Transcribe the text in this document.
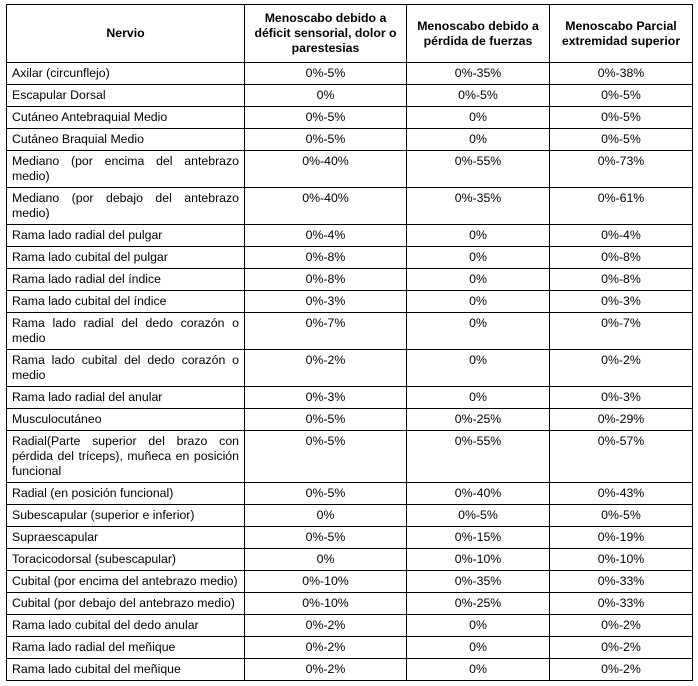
Nervio	Menoscabo debido a déficit sensorial, dolor o parestesias	Menoscabo debido a pérdida de fuerzas	Menoscabo Parcial extremidad superior
Axilar (circunflejo)	0%-5%	0%-35%	0%-38%
Escapular Dorsal	0%	0%-5%	0%-5%
Cutáneo Antebraquial Medio	0%-5%	0%	0%-5%
Cutáneo Braquial Medio	0%-5%	0%	0%-5%
Mediano (por encima del antebrazo medio)	0%-40%	0%-55%	0%-73%
Mediano (por debajo del antebrazo medio)	0%-40%	0%-35%	0%-61%
Rama lado radial del pulgar	0%-4%	0%	0%-4%
Rama lado cubital del pulgar	0%-8%	0%	0%-8%
Rama lado radial del índice	0%-8%	0%	0%-8%
Rama lado cubital del índice	0%-3%	0%	0%-3%
Rama lado radial del dedo corazón o medio	0%-7%	0%	0%-7%
Rama lado cubital del dedo corazón o medio	0%-2%	0%	0%-2%
Rama lado radial del anular	0%-3%	0%	0%-3%
Musculocutáneo	0%-5%	0%-25%	0%-29%
Radial(Parte superior del brazo con pérdida del tríceps), muñeca en posición funcional	0%-5%	0%-55%	0%-57%
Radial (en posición funcional)	0%-5%	0%-40%	0%-43%
Subescapular (superior e inferior)	0%	0%-5%	0%-5%
Supraescapular	0%-5%	0%-15%	0%-19%
Toracicodorsal (subescapular)	0%	0%-10%	0%-10%
Cubital (por encima del antebrazo medio)	0%-10%	0%-35%	0%-33%
Cubital (por debajo del antebrazo medio)	0%-10%	0%-25%	0%-33%
Rama lado cubital del dedo anular	0%-2%	0%	0%-2%
Rama lado radial del meñique	0%-2%	0%	0%-2%
Rama lado cubital del meñique	0%-2%	0%	0%-2%
